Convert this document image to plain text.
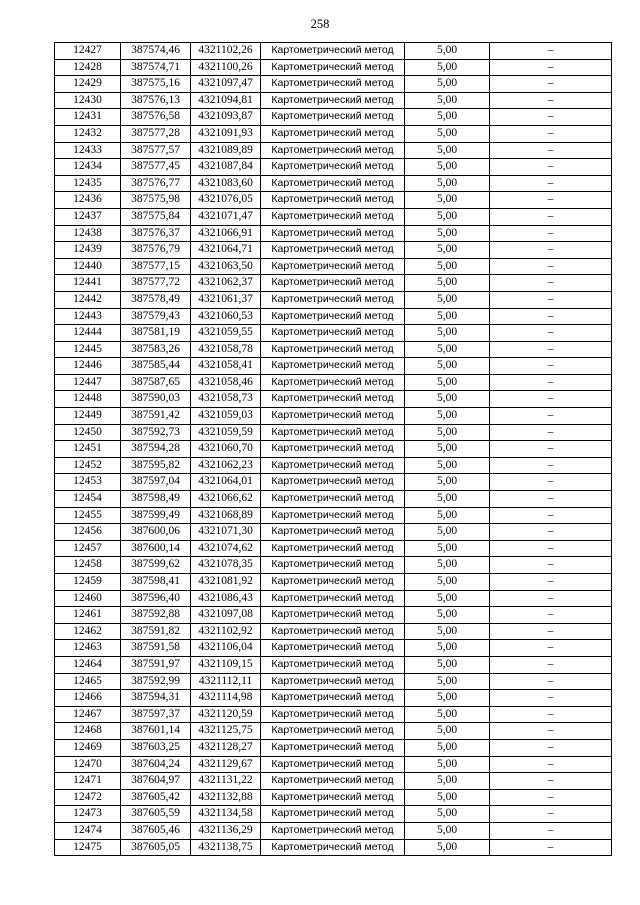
258
12427	387574,46	4321102,26	Картометрический метод	5,00	–
12428	387574,71	4321100,26	Картометрический метод	5,00	–
12429	387575,16	4321097,47	Картометрический метод	5,00	–
12430	387576,13	4321094,81	Картометрический метод	5,00	–
12431	387576,58	4321093,87	Картометрический метод	5,00	–
12432	387577,28	4321091,93	Картометрический метод	5,00	–
12433	387577,57	4321089,89	Картометрический метод	5,00	–
12434	387577,45	4321087,84	Картометрический метод	5,00	–
12435	387576,77	4321083,60	Картометрический метод	5,00	–
12436	387575,98	4321076,05	Картометрический метод	5,00	–
12437	387575,84	4321071,47	Картометрический метод	5,00	–
12438	387576,37	4321066,91	Картометрический метод	5,00	–
12439	387576,79	4321064,71	Картометрический метод	5,00	–
12440	387577,15	4321063,50	Картометрический метод	5,00	–
12441	387577,72	4321062,37	Картометрический метод	5,00	–
12442	387578,49	4321061,37	Картометрический метод	5,00	–
12443	387579,43	4321060,53	Картометрический метод	5,00	–
12444	387581,19	4321059,55	Картометрический метод	5,00	–
12445	387583,26	4321058,78	Картометрический метод	5,00	–
12446	387585,44	4321058,41	Картометрический метод	5,00	–
12447	387587,65	4321058,46	Картометрический метод	5,00	–
12448	387590,03	4321058,73	Картометрический метод	5,00	–
12449	387591,42	4321059,03	Картометрический метод	5,00	–
12450	387592,73	4321059,59	Картометрический метод	5,00	–
12451	387594,28	4321060,70	Картометрический метод	5,00	–
12452	387595,82	4321062,23	Картометрический метод	5,00	–
12453	387597,04	4321064,01	Картометрический метод	5,00	–
12454	387598,49	4321066,62	Картометрический метод	5,00	–
12455	387599,49	4321068,89	Картометрический метод	5,00	–
12456	387600,06	4321071,30	Картометрический метод	5,00	–
12457	387600,14	4321074,62	Картометрический метод	5,00	–
12458	387599,62	4321078,35	Картометрический метод	5,00	–
12459	387598,41	4321081,92	Картометрический метод	5,00	–
12460	387596,40	4321086,43	Картометрический метод	5,00	–
12461	387592,88	4321097,08	Картометрический метод	5,00	–
12462	387591,82	4321102,92	Картометрический метод	5,00	–
12463	387591,58	4321106,04	Картометрический метод	5,00	–
12464	387591,97	4321109,15	Картометрический метод	5,00	–
12465	387592,99	4321112,11	Картометрический метод	5,00	–
12466	387594,31	4321114,98	Картометрический метод	5,00	–
12467	387597,37	4321120,59	Картометрический метод	5,00	–
12468	387601,14	4321125,75	Картометрический метод	5,00	–
12469	387603,25	4321128,27	Картометрический метод	5,00	–
12470	387604,24	4321129,67	Картометрический метод	5,00	–
12471	387604,97	4321131,22	Картометрический метод	5,00	–
12472	387605,42	4321132,88	Картометрический метод	5,00	–
12473	387605,59	4321134,58	Картометрический метод	5,00	–
12474	387605,46	4321136,29	Картометрический метод	5,00	–
12475	387605,05	4321138,75	Картометрический метод	5,00	–
